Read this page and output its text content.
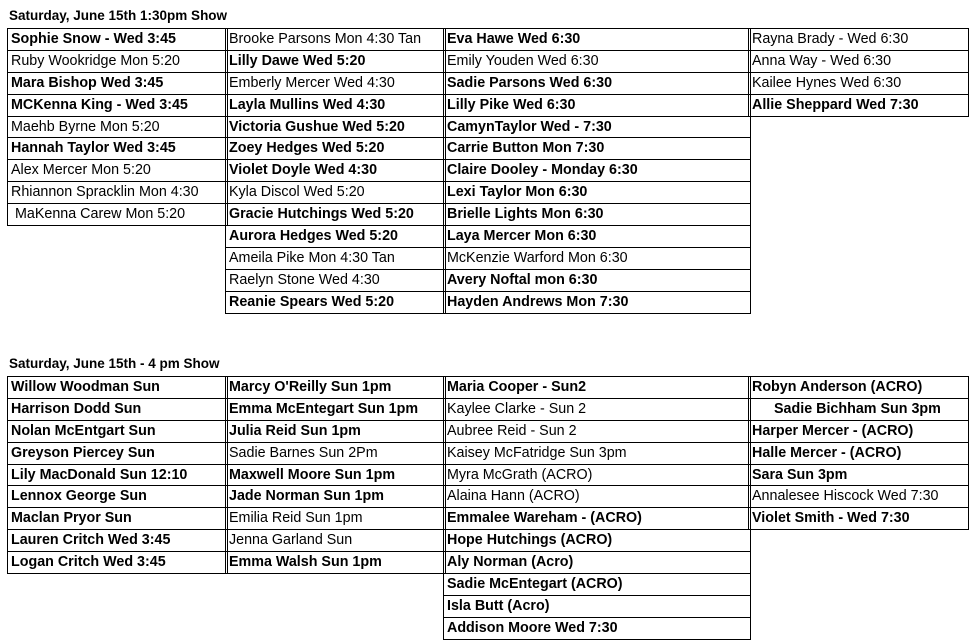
Saturday, June 15th 1:30pm Show
Sophie Snow - Wed 3:45
Ruby Wookridge Mon 5:20
Mara Bishop Wed 3:45
MCKenna King - Wed 3:45
Maehb Byrne Mon 5:20
Hannah Taylor Wed 3:45
Alex Mercer Mon 5:20
Rhiannon Spracklin Mon 4:30
MaKenna Carew Mon 5:20
Brooke Parsons Mon 4:30 Tan
Lilly Dawe Wed 5:20
Emberly Mercer Wed 4:30
Layla Mullins Wed 4:30
Victoria Gushue Wed 5:20
Zoey Hedges Wed 5:20
Violet Doyle Wed 4:30
Kyla Discol Wed 5:20
Gracie Hutchings Wed 5:20
Aurora Hedges Wed 5:20
Ameila Pike Mon 4:30 Tan
Raelyn Stone Wed 4:30
Reanie Spears Wed 5:20
Eva Hawe Wed 6:30
Emily Youden Wed 6:30
Sadie Parsons Wed 6:30
Lilly Pike Wed 6:30
CamynTaylor Wed - 7:30
Carrie Button Mon 7:30
Claire Dooley - Monday 6:30
Lexi Taylor Mon 6:30
Brielle Lights Mon 6:30
Laya Mercer Mon 6:30
McKenzie Warford Mon 6:30
Avery Noftal mon 6:30
Hayden Andrews Mon 7:30
Rayna Brady - Wed 6:30
Anna Way - Wed 6:30
Kailee Hynes Wed 6:30
Allie Sheppard Wed 7:30
Saturday, June 15th - 4 pm Show
Willow Woodman Sun
Harrison Dodd Sun
Nolan McEntgart Sun
Greyson Piercey Sun
Lily MacDonald Sun 12:10
Lennox George Sun
Maclan Pryor Sun
Lauren Critch Wed 3:45
Logan Critch Wed 3:45
Marcy O'Reilly Sun 1pm
Emma McEntegart Sun 1pm
Julia Reid Sun 1pm
Sadie Barnes Sun 2Pm
Maxwell Moore Sun 1pm
Jade Norman Sun 1pm
Emilia Reid Sun 1pm
Jenna Garland Sun
Emma Walsh Sun 1pm
Maria Cooper - Sun2
Kaylee Clarke - Sun 2
Aubree Reid - Sun 2
Kaisey McFatridge Sun 3pm
Myra McGrath (ACRO)
Alaina Hann (ACRO)
Emmalee Wareham - (ACRO)
Hope Hutchings (ACRO)
Aly Norman (Acro)
Sadie McEntegart (ACRO)
Isla Butt (Acro)
Addison Moore Wed 7:30
Robyn Anderson (ACRO)
Sadie Bichham Sun 3pm
Harper Mercer - (ACRO)
Halle Mercer - (ACRO)
Sara Sun 3pm
Annalesee Hiscock Wed 7:30
Violet Smith - Wed 7:30
